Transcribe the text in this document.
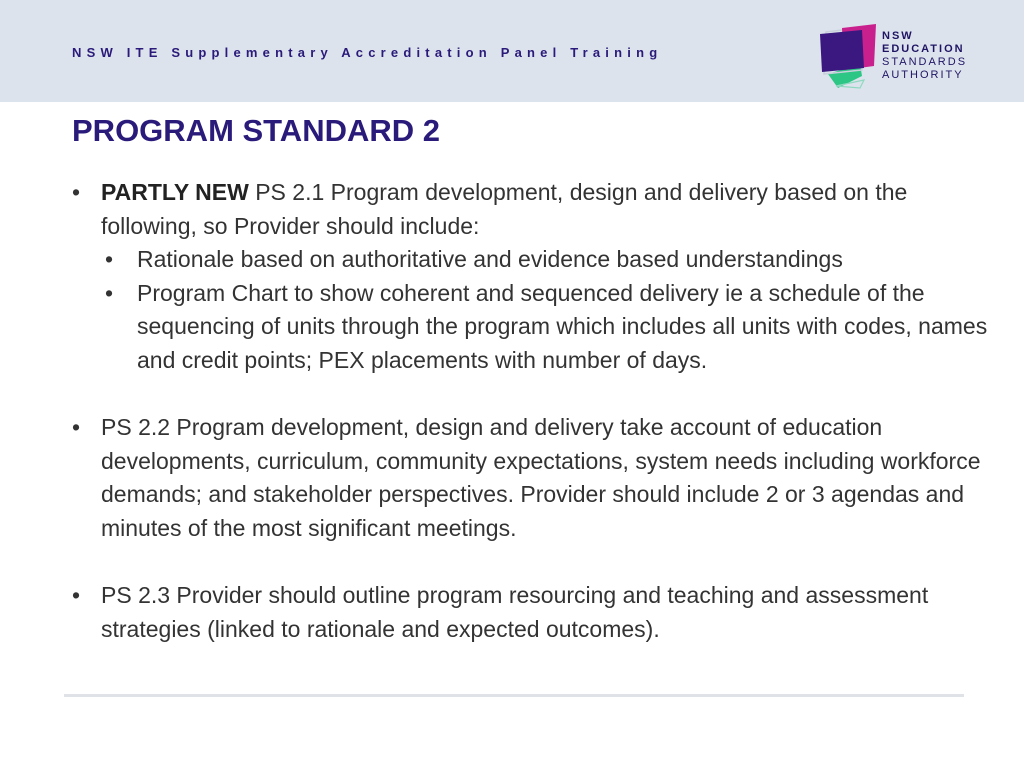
NSW ITE Supplementary Accreditation Panel Training
NSW
EDUCATION
STANDARDS
AUTHORITY
PROGRAM STANDARD 2
• PARTLY NEW PS 2.1 Program development, design and delivery based on the following, so Provider should include:
• Rationale based on authoritative and evidence based understandings
• Program Chart to show coherent and sequenced delivery ie a schedule of the sequencing of units through the program which includes all units with codes, names and credit points; PEX placements with number of days.
• PS 2.2 Program development, design and delivery take account of education developments, curriculum, community expectations, system needs including workforce demands; and stakeholder perspectives. Provider should include 2 or 3 agendas and minutes of the most significant meetings.
• PS 2.3 Provider should outline program resourcing and teaching and assessment strategies (linked to rationale and expected outcomes).
